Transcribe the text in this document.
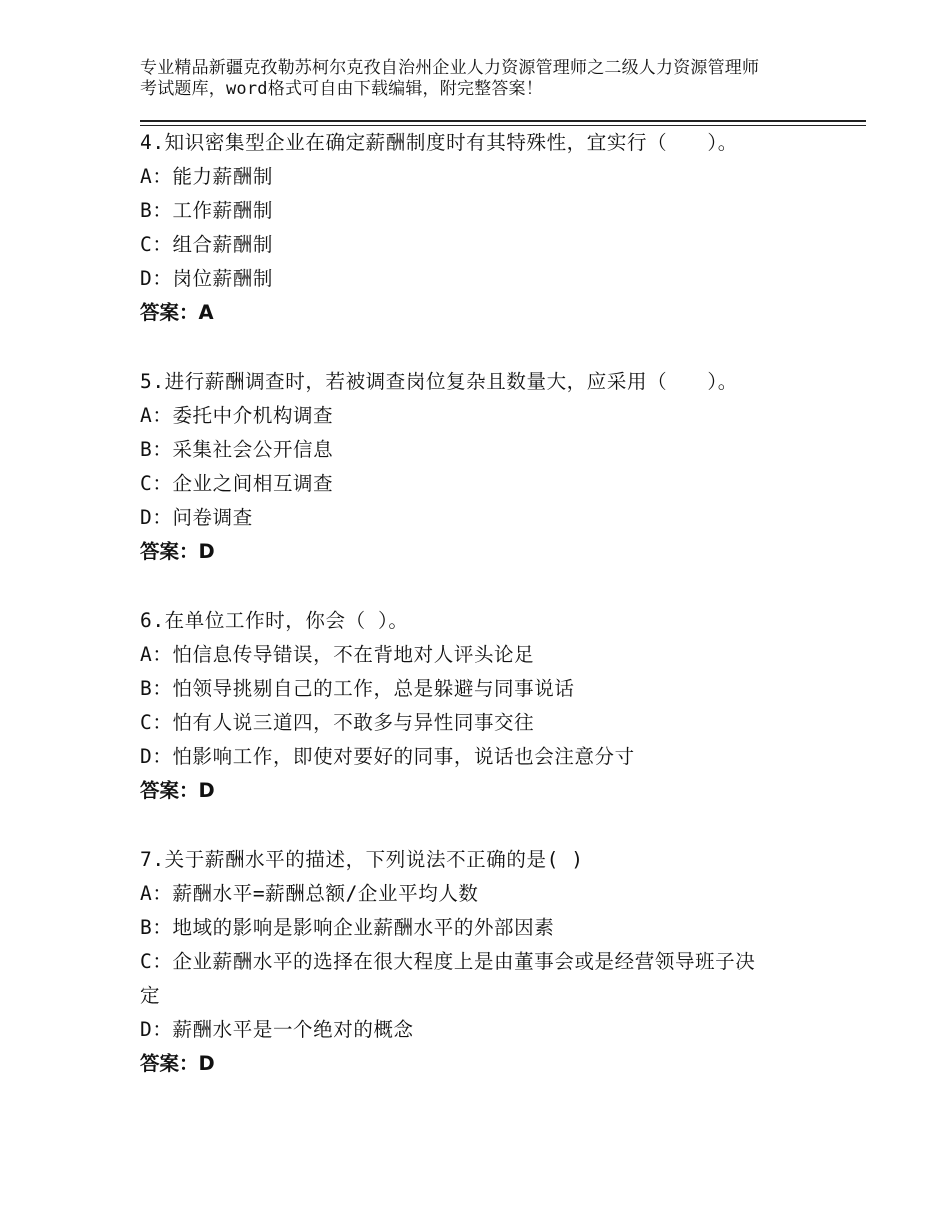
专业精品新疆克孜勒苏柯尔克孜自治州企业人力资源管理师之二级人力资源管理师
考试题库，word格式可自由下载编辑，附完整答案！
4.知识密集型企业在确定薪酬制度时有其特殊性，宜实行（　　）。
A：能力薪酬制
B：工作薪酬制
C：组合薪酬制
D：岗位薪酬制
答案：A
5.进行薪酬调查时，若被调查岗位复杂且数量大，应采用（　　）。
A：委托中介机构调查
B：采集社会公开信息
C：企业之间相互调查
D：问卷调查
答案：D
6.在单位工作时，你会（ ）。
A：怕信息传导错误，不在背地对人评头论足
B：怕领导挑剔自己的工作，总是躲避与同事说话
C：怕有人说三道四，不敢多与异性同事交往
D：怕影响工作，即使对要好的同事，说话也会注意分寸
答案：D
7.关于薪酬水平的描述，下列说法不正确的是( )
A：薪酬水平=薪酬总额/企业平均人数
B：地域的影响是影响企业薪酬水平的外部因素
C：企业薪酬水平的选择在很大程度上是由董事会或是经营领导班子决
定
D：薪酬水平是一个绝对的概念
答案：D
